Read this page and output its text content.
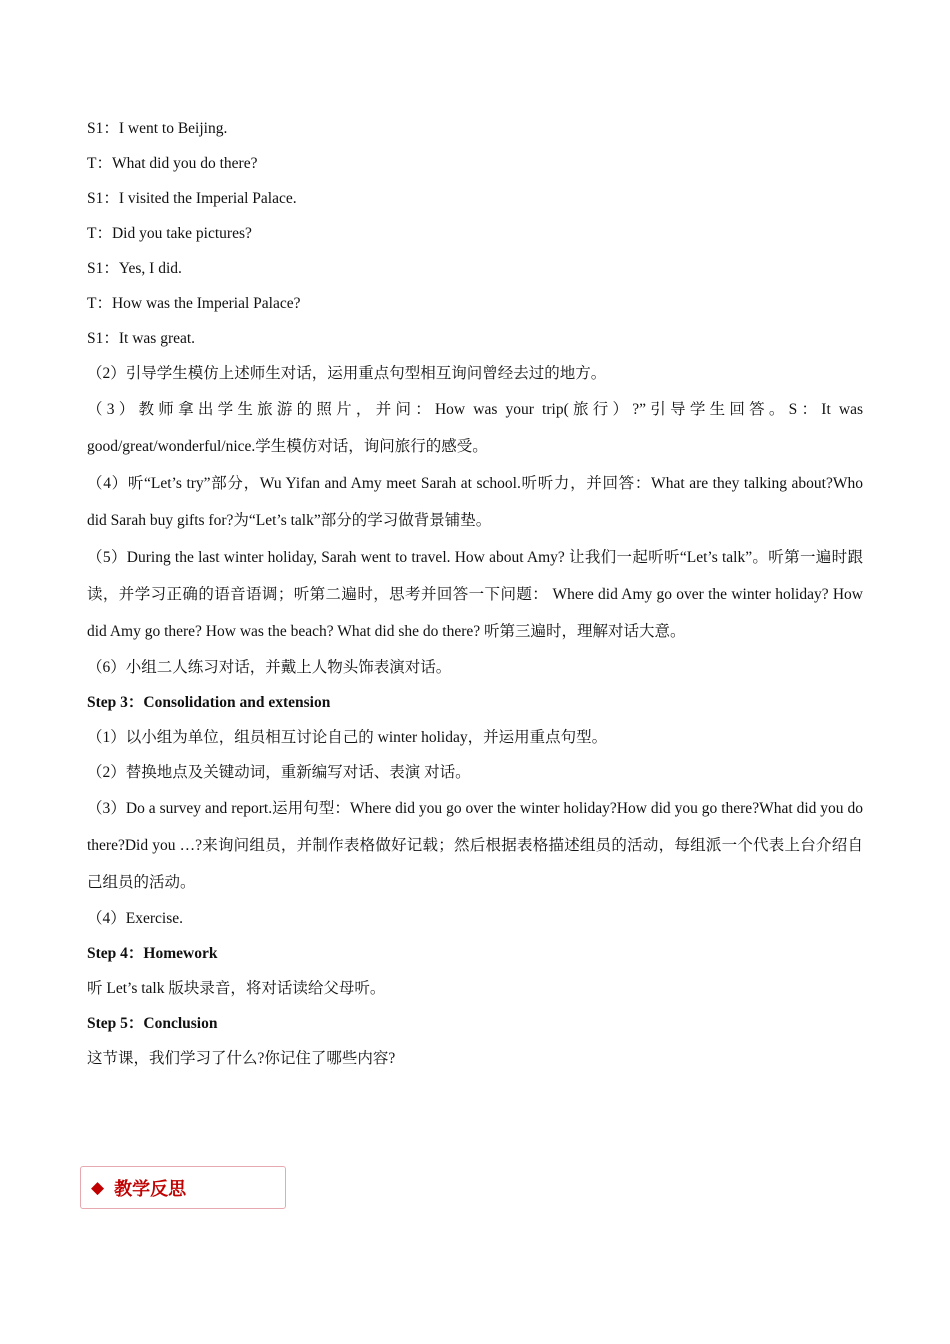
S1：I went to Beijing.

T：What did you do there?

S1：I visited the Imperial Palace.

T：Did you take pictures?

S1：Yes, I did.

T：How was the Imperial Palace?

S1：It was great.

（2）引导学生模仿上述师生对话，运用重点句型相互询问曾经去过的地方。

（3）教师拿出学生旅游的照片，并问：How was your trip(旅行）?”引导学生回答。S：It was good/great/wonderful/nice.学生模仿对话，询问旅行的感受。

（4）听“Let’s try”部分，Wu Yifan and Amy meet Sarah at school.听听力，并回答：What are they talking about?Who did Sarah buy gifts for?为“Let’s talk”部分的学习做背景铺垫。

（5）During the last winter holiday, Sarah went to travel. How about Amy? 让我们一起听听“Let’s talk”。听第一遍时跟读，并学习正确的语音语调；听第二遍时，思考并回答一下问题： Where did Amy go over the winter holiday? How did Amy go there? How was the beach? What did she do there? 听第三遍时，理解对话大意。

（6）小组二人练习对话，并戴上人物头饰表演对话。

Step 3：Consolidation and extension

（1）以小组为单位，组员相互讨论自己的 winter holiday，并运用重点句型。

（2）替换地点及关键动词，重新编写对话、表演 对话。

（3）Do a survey and report.运用句型：Where did you go over the winter holiday?How did you go there?What did you do there?Did you …?来询问组员，并制作表格做好记载；然后根据表格描述组员的活动，每组派一个代表上台介绍自己组员的活动。

（4）Exercise.

Step 4：Homework

听 Let’s talk 版块录音，将对话读给父母听。

Step 5：Conclusion

这节课，我们学习了什么?你记住了哪些内容?

◆ 教学反思
